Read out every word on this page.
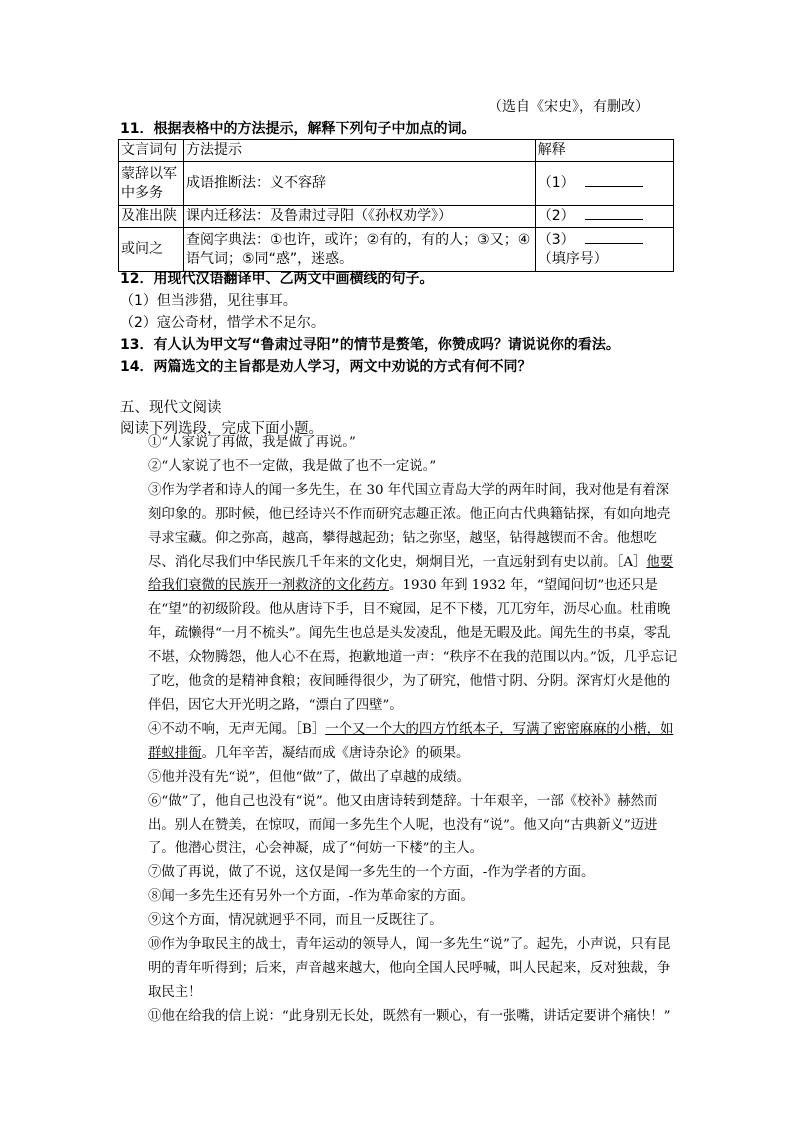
（选自《宋史》，有删改）
11．根据表格中的方法提示，解释下列句子中加点的词。
文言词句	方法提示	解释
蒙辞以军中多务	成语推断法：义不容辞	（1）
及准出陕	课内迁移法：及鲁肃过寻阳（《孙权劝学》）	（2）
或问之	查阅字典法：①也许，或许；②有的，有的人；③又；④语气词；⑤同“惑”，迷惑。	（3）
（填序号）
12．用现代汉语翻译甲、乙两文中画横线的句子。
（1）但当涉猎，见往事耳。
（2）寇公奇材，惜学术不足尔。
13．有人认为甲文写“鲁肃过寻阳”的情节是赘笔，你赞成吗？请说说你的看法。
14．两篇选文的主旨都是劝人学习，两文中劝说的方式有何不同？
五、现代文阅读
阅读下列选段，完成下面小题。

①“人家说了再做，我是做了再说。”

②“人家说了也不一定做，我是做了也不一定说。”

③作为学者和诗人的闻一多先生，在 30 年代国立青岛大学的两年时间，我对他是有着深刻印象的。那时候，他已经诗兴不作而研究志趣正浓。他正向古代典籍钻探，有如向地壳寻求宝藏。仰之弥高，越高，攀得越起劲；钻之弥坚，越坚，钻得越锲而不舍。他想吃尽、消化尽我们中华民族几千年来的文化史，炯炯目光，一直远射到有史以前。［A］他要给我们衰微的民族开一剂救济的文化药方。1930 年到 1932 年，“望闻问切”也还只是在“望”的初级阶段。他从唐诗下手，目不窥园，足不下楼，兀兀穷年，沥尽心血。杜甫晚年，疏懒得“一月不梳头”。闻先生也总是头发凌乱，他是无暇及此。闻先生的书桌，零乱不堪，众物腾怨，他人心不在焉，抱歉地道一声：“秩序不在我的范围以内。”饭，几乎忘记了吃，他贪的是精神食粮；夜间睡得很少，为了研究，他惜寸阴、分阴。深宵灯火是他的伴侣，因它大开光明之路，“漂白了四壁”。

④不动不响，无声无闻。［B］一个又一个大的四方竹纸本子，写满了密密麻麻的小楷，如群蚁排衙。几年辛苦，凝结而成《唐诗杂论》的硕果。

⑤他并没有先“说”，但他“做”了，做出了卓越的成绩。

⑥“做”了，他自己也没有“说”。他又由唐诗转到楚辞。十年艰辛，一部《校补》赫然而出。别人在赞美，在惊叹，而闻一多先生个人呢，也没有“说”。他又向“古典新义”迈进了。他潜心贯注，心会神凝，成了“何妨一下楼”的主人。

⑦做了再说，做了不说，这仅是闻一多先生的一个方面，-作为学者的方面。

⑧闻一多先生还有另外一个方面，-作为革命家的方面。

⑨这个方面，情况就迥乎不同，而且一反既往了。

⑩作为争取民主的战士，青年运动的领导人，闻一多先生“说”了。起先，小声说，只有昆明的青年听得到；后来，声音越来越大，他向全国人民呼喊，叫人民起来，反对独裁，争取民主！

⑪他在给我的信上说：“此身别无长处，既然有一颗心，有一张嘴，讲话定要讲个痛快！”
